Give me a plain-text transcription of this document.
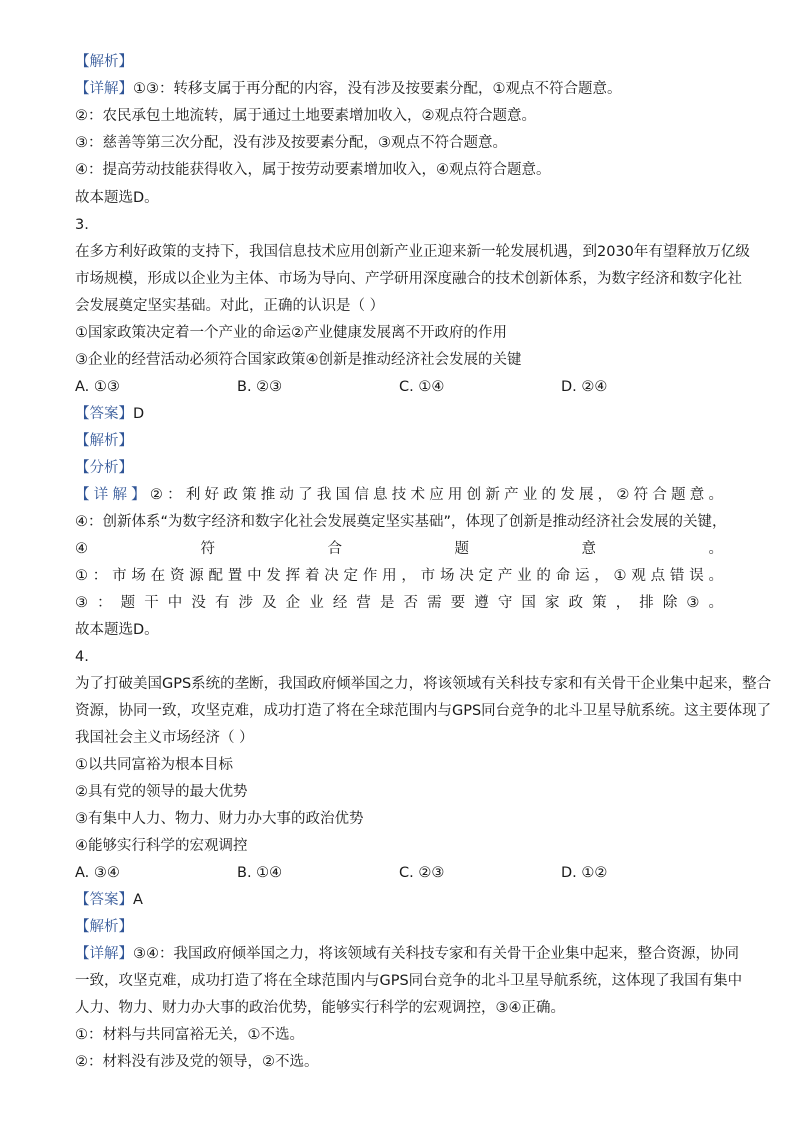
【解析】
【详解】①③：转移支属于再分配的内容，没有涉及按要素分配，①观点不符合题意。
②：农民承包土地流转，属于通过土地要素增加收入，②观点符合题意。
③：慈善等第三次分配，没有涉及按要素分配，③观点不符合题意。
④：提高劳动技能获得收入，属于按劳动要素增加收入，④观点符合题意。
故本题选D。
3.
在多方利好政策的支持下，我国信息技术应用创新产业正迎来新一轮发展机遇，到2030年有望释放万亿级
市场规模，形成以企业为主体、市场为导向、产学研用深度融合的技术创新体系，为数字经济和数字化社
会发展奠定坚实基础。对此，正确的认识是（ ）
①国家政策决定着一个产业的命运②产业健康发展离不开政府的作用
③企业的经营活动必须符合国家政策④创新是推动经济社会发展的关键
A. ①③	B. ②③	C. ①④	D. ②④
【答案】D
【解析】
【分析】
【详解】②：利好政策推动了我国信息技术应用创新产业的发展，②符合题意。
④：创新体系“为数字经济和数字化社会发展奠定坚实基础”，体现了创新是推动经济社会发展的关键，
④	符	合	题	意	。
①：市场在资源配置中发挥着决定作用，市场决定产业的命运，①观点错误。
③：题干中没有涉及企业经营是否需要遵守国家政策，排除③。
故本题选D。
4.
为了打破美国GPS系统的垄断，我国政府倾举国之力，将该领域有关科技专家和有关骨干企业集中起来，整合
资源，协同一致，攻坚克难，成功打造了将在全球范围内与GPS同台竞争的北斗卫星导航系统。这主要体现了
我国社会主义市场经济（ ）
①以共同富裕为根本目标
②具有党的领导的最大优势
③有集中人力、物力、财力办大事的政治优势
④能够实行科学的宏观调控
A. ③④	B. ①④	C. ②③	D. ①②
【答案】A
【解析】
【详解】③④：我国政府倾举国之力，将该领域有关科技专家和有关骨干企业集中起来，整合资源，协同
一致，攻坚克难，成功打造了将在全球范围内与GPS同台竞争的北斗卫星导航系统，这体现了我国有集中
人力、物力、财力办大事的政治优势，能够实行科学的宏观调控，③④正确。
①：材料与共同富裕无关，①不选。
②：材料没有涉及党的领导，②不选。
